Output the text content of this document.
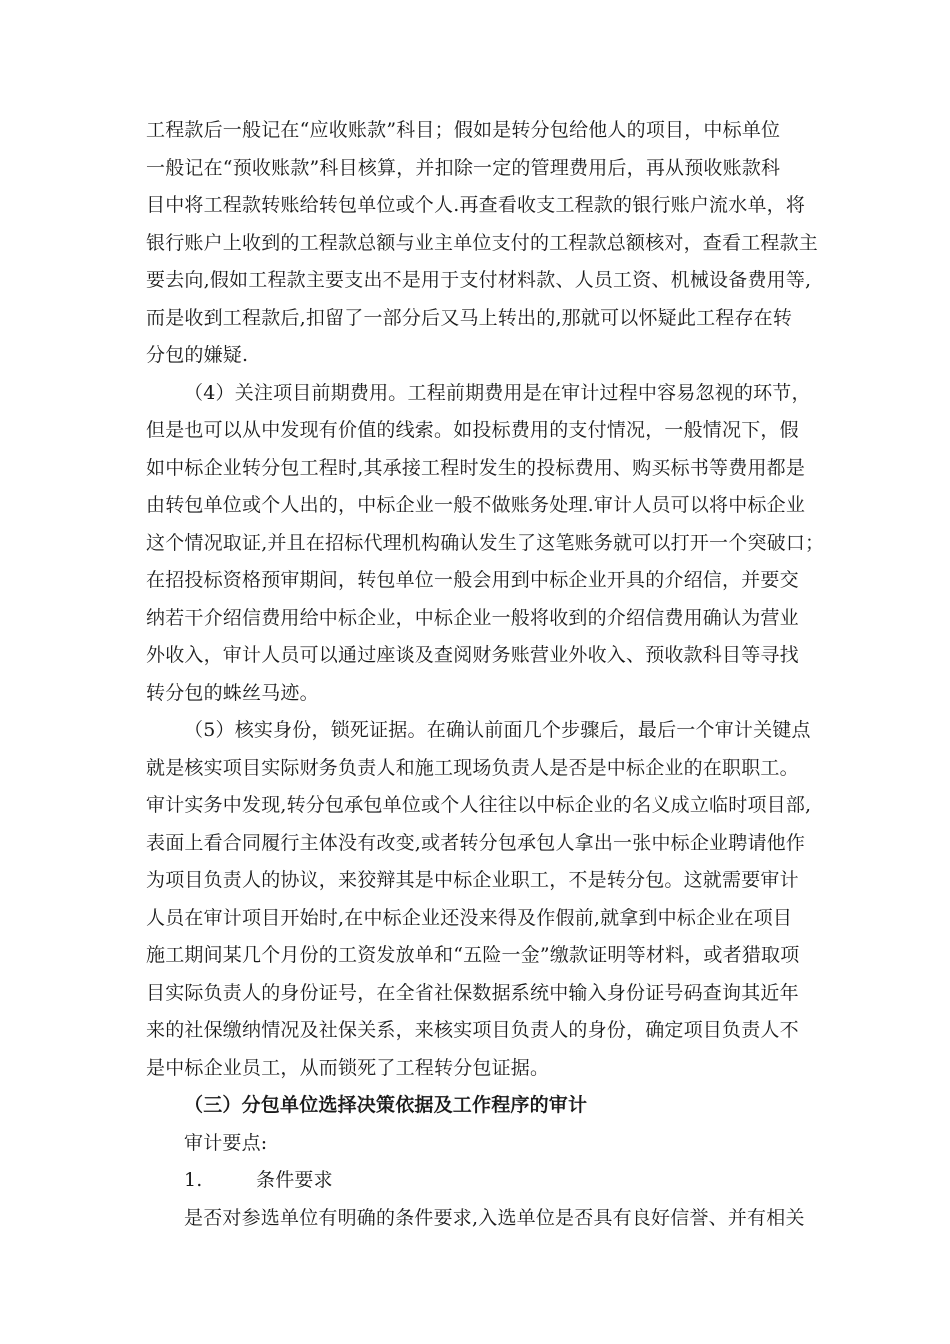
工程款后一般记在“应收账款”科目；假如是转分包给他人的项目，中标单位
一般记在“预收账款”科目核算，并扣除一定的管理费用后，再从预收账款科
目中将工程款转账给转包单位或个人.再查看收支工程款的银行账户流水单，将
银行账户上收到的工程款总额与业主单位支付的工程款总额核对，查看工程款主
要去向,假如工程款主要支出不是用于支付材料款、人员工资、机械设备费用等,
而是收到工程款后,扣留了一部分后又马上转出的,那就可以怀疑此工程存在转
分包的嫌疑.
（4）关注项目前期费用。工程前期费用是在审计过程中容易忽视的环节，
但是也可以从中发现有价值的线索。如投标费用的支付情况，一般情况下，假
如中标企业转分包工程时,其承接工程时发生的投标费用、购买标书等费用都是
由转包单位或个人出的，中标企业一般不做账务处理.审计人员可以将中标企业
这个情况取证,并且在招标代理机构确认发生了这笔账务就可以打开一个突破口；
在招投标资格预审期间，转包单位一般会用到中标企业开具的介绍信，并要交
纳若干介绍信费用给中标企业，中标企业一般将收到的介绍信费用确认为营业
外收入，审计人员可以通过座谈及查阅财务账营业外收入、预收款科目等寻找
转分包的蛛丝马迹。
（5）核实身份，锁死证据。在确认前面几个步骤后，最后一个审计关键点
就是核实项目实际财务负责人和施工现场负责人是否是中标企业的在职职工。
审计实务中发现,转分包承包单位或个人往往以中标企业的名义成立临时项目部,
表面上看合同履行主体没有改变,或者转分包承包人拿出一张中标企业聘请他作
为项目负责人的协议，来狡辩其是中标企业职工，不是转分包。这就需要审计
人员在审计项目开始时,在中标企业还没来得及作假前,就拿到中标企业在项目
施工期间某几个月份的工资发放单和“五险一金”缴款证明等材料，或者猎取项
目实际负责人的身份证号，在全省社保数据系统中输入身份证号码查询其近年
来的社保缴纳情况及社保关系，来核实项目负责人的身份，确定项目负责人不
是中标企业员工，从而锁死了工程转分包证据。
（三）分包单位选择决策依据及工作程序的审计
审计要点:
1.	条件要求
是否对参选单位有明确的条件要求,入选单位是否具有良好信誉、并有相关
